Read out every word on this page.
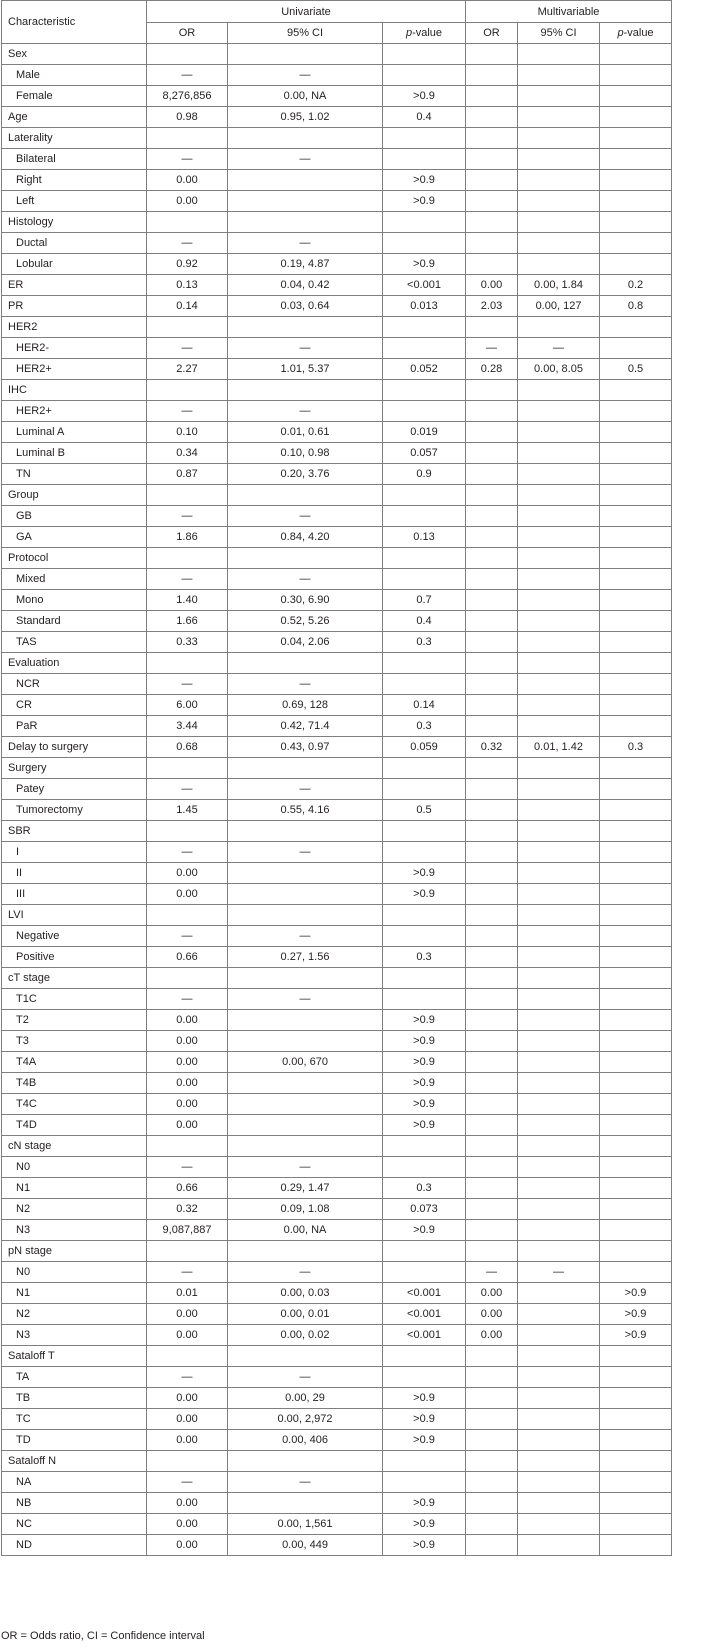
Characteristic	Univariate			Multivariable		
	OR	95% CI	p-value	OR	95% CI	p-value
Sex						
Male	—	—				
Female	8,276,856	0.00, NA	>0.9			
Age	0.98	0.95, 1.02	0.4			
Laterality						
Bilateral	—	—				
Right	0.00		>0.9			
Left	0.00		>0.9			
Histology						
Ductal	—	—				
Lobular	0.92	0.19, 4.87	>0.9			
ER	0.13	0.04, 0.42	<0.001	0.00	0.00, 1.84	0.2
PR	0.14	0.03, 0.64	0.013	2.03	0.00, 127	0.8
HER2						
HER2-	—	—		—	—	
HER2+	2.27	1.01, 5.37	0.052	0.28	0.00, 8.05	0.5
IHC						
HER2+	—	—				
Luminal A	0.10	0.01, 0.61	0.019			
Luminal B	0.34	0.10, 0.98	0.057			
TN	0.87	0.20, 3.76	0.9			
Group						
GB	—	—				
GA	1.86	0.84, 4.20	0.13			
Protocol						
Mixed	—	—				
Mono	1.40	0.30, 6.90	0.7			
Standard	1.66	0.52, 5.26	0.4			
TAS	0.33	0.04, 2.06	0.3			
Evaluation						
NCR	—	—				
CR	6.00	0.69, 128	0.14			
PaR	3.44	0.42, 71.4	0.3			
Delay to surgery	0.68	0.43, 0.97	0.059	0.32	0.01, 1.42	0.3
Surgery						
Patey	—	—				
Tumorectomy	1.45	0.55, 4.16	0.5			
SBR						
I	—	—				
II	0.00		>0.9			
III	0.00		>0.9			
LVI						
Negative	—	—				
Positive	0.66	0.27, 1.56	0.3			
cT stage						
T1C	—	—				
T2	0.00		>0.9			
T3	0.00		>0.9			
T4A	0.00	0.00, 670	>0.9			
T4B	0.00		>0.9			
T4C	0.00		>0.9			
T4D	0.00		>0.9			
cN stage						
N0	—	—				
N1	0.66	0.29, 1.47	0.3			
N2	0.32	0.09, 1.08	0.073			
N3	9,087,887	0.00, NA	>0.9			
pN stage						
N0	—	—		—	—	
N1	0.01	0.00, 0.03	<0.001	0.00		>0.9
N2	0.00	0.00, 0.01	<0.001	0.00		>0.9
N3	0.00	0.00, 0.02	<0.001	0.00		>0.9
Sataloff T						
TA	—	—				
TB	0.00	0.00, 29	>0.9			
TC	0.00	0.00, 2,972	>0.9			
TD	0.00	0.00, 406	>0.9			
Sataloff N						
NA	—	—				
NB	0.00		>0.9			
NC	0.00	0.00, 1,561	>0.9			
ND	0.00	0.00, 449	>0.9			
OR = Odds ratio, CI = Confidence interval
